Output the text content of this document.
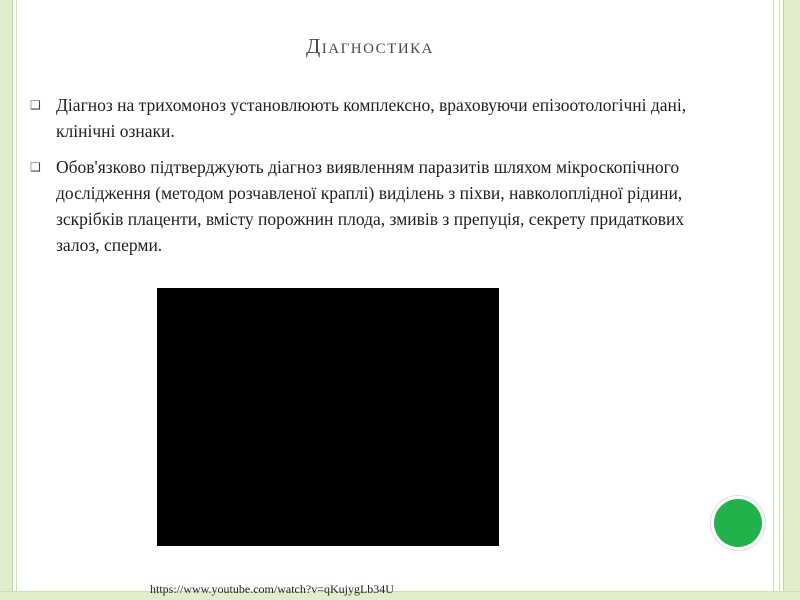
Діагностика
❑ Діагноз на трихомоноз установлюють комплексно, враховуючи епізоотологічні дані, клінічні ознаки.
❑ Обов'язково підтверджують діагноз виявленням паразитів шляхом мікроскопічного дослідження (методом розчавленої краплі) виділень з піхви, навколоплідної рідини, зскрібків плаценти, вмісту порожнин плода, змивів з препуція, секрету придаткових залоз, сперми.
https://www.youtube.com/watch?v=qKujygLb34U
